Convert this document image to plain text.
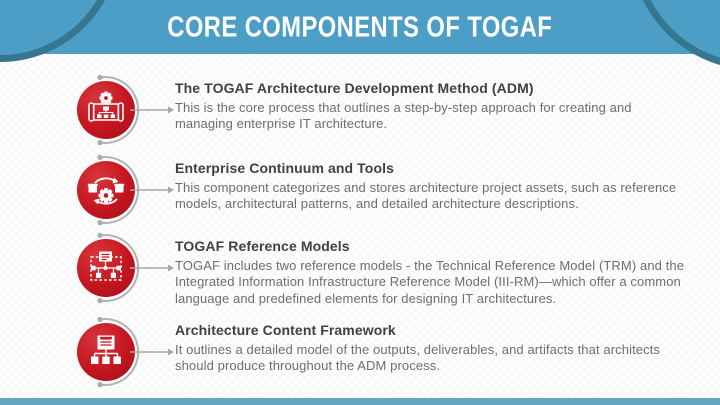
CORE COMPONENTS OF TOGAF
The TOGAF Architecture Development Method (ADM)
This is the core process that outlines a step-by-step approach for creating and managing enterprise IT architecture.
Enterprise Continuum and Tools
This component categorizes and stores architecture project assets, such as reference models, architectural patterns, and detailed architecture descriptions.
TOGAF Reference Models
TOGAF includes two reference models - the Technical Reference Model (TRM) and the Integrated Information Infrastructure Reference Model (III-RM)—which offer a common language and predefined elements for designing IT architectures.
Architecture Content Framework
It outlines a detailed model of the outputs, deliverables, and artifacts that architects should produce throughout the ADM process.
